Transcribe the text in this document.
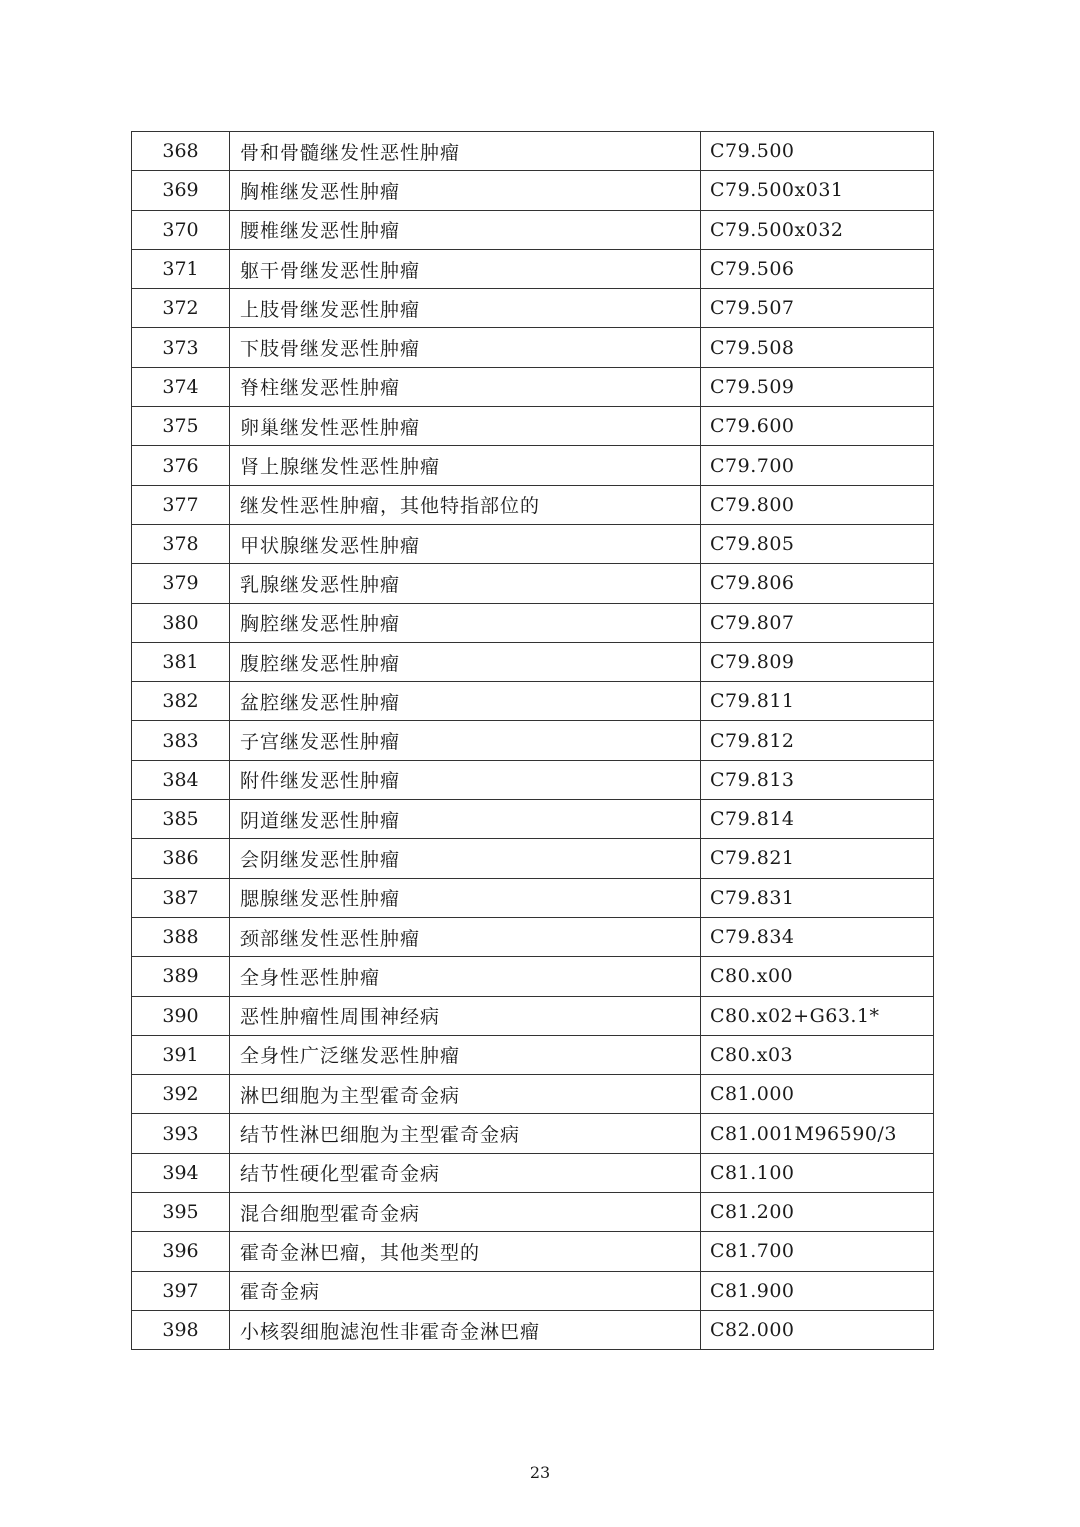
368	骨和骨髓继发性恶性肿瘤	C79.500
369	胸椎继发恶性肿瘤	C79.500x031
370	腰椎继发恶性肿瘤	C79.500x032
371	躯干骨继发恶性肿瘤	C79.506
372	上肢骨继发恶性肿瘤	C79.507
373	下肢骨继发恶性肿瘤	C79.508
374	脊柱继发恶性肿瘤	C79.509
375	卵巢继发性恶性肿瘤	C79.600
376	肾上腺继发性恶性肿瘤	C79.700
377	继发性恶性肿瘤，其他特指部位的	C79.800
378	甲状腺继发恶性肿瘤	C79.805
379	乳腺继发恶性肿瘤	C79.806
380	胸腔继发恶性肿瘤	C79.807
381	腹腔继发恶性肿瘤	C79.809
382	盆腔继发恶性肿瘤	C79.811
383	子宫继发恶性肿瘤	C79.812
384	附件继发恶性肿瘤	C79.813
385	阴道继发恶性肿瘤	C79.814
386	会阴继发恶性肿瘤	C79.821
387	腮腺继发恶性肿瘤	C79.831
388	颈部继发性恶性肿瘤	C79.834
389	全身性恶性肿瘤	C80.x00
390	恶性肿瘤性周围神经病	C80.x02+G63.1*
391	全身性广泛继发恶性肿瘤	C80.x03
392	淋巴细胞为主型霍奇金病	C81.000
393	结节性淋巴细胞为主型霍奇金病	C81.001M96590/3
394	结节性硬化型霍奇金病	C81.100
395	混合细胞型霍奇金病	C81.200
396	霍奇金淋巴瘤，其他类型的	C81.700
397	霍奇金病	C81.900
398	小核裂细胞滤泡性非霍奇金淋巴瘤	C82.000
23
